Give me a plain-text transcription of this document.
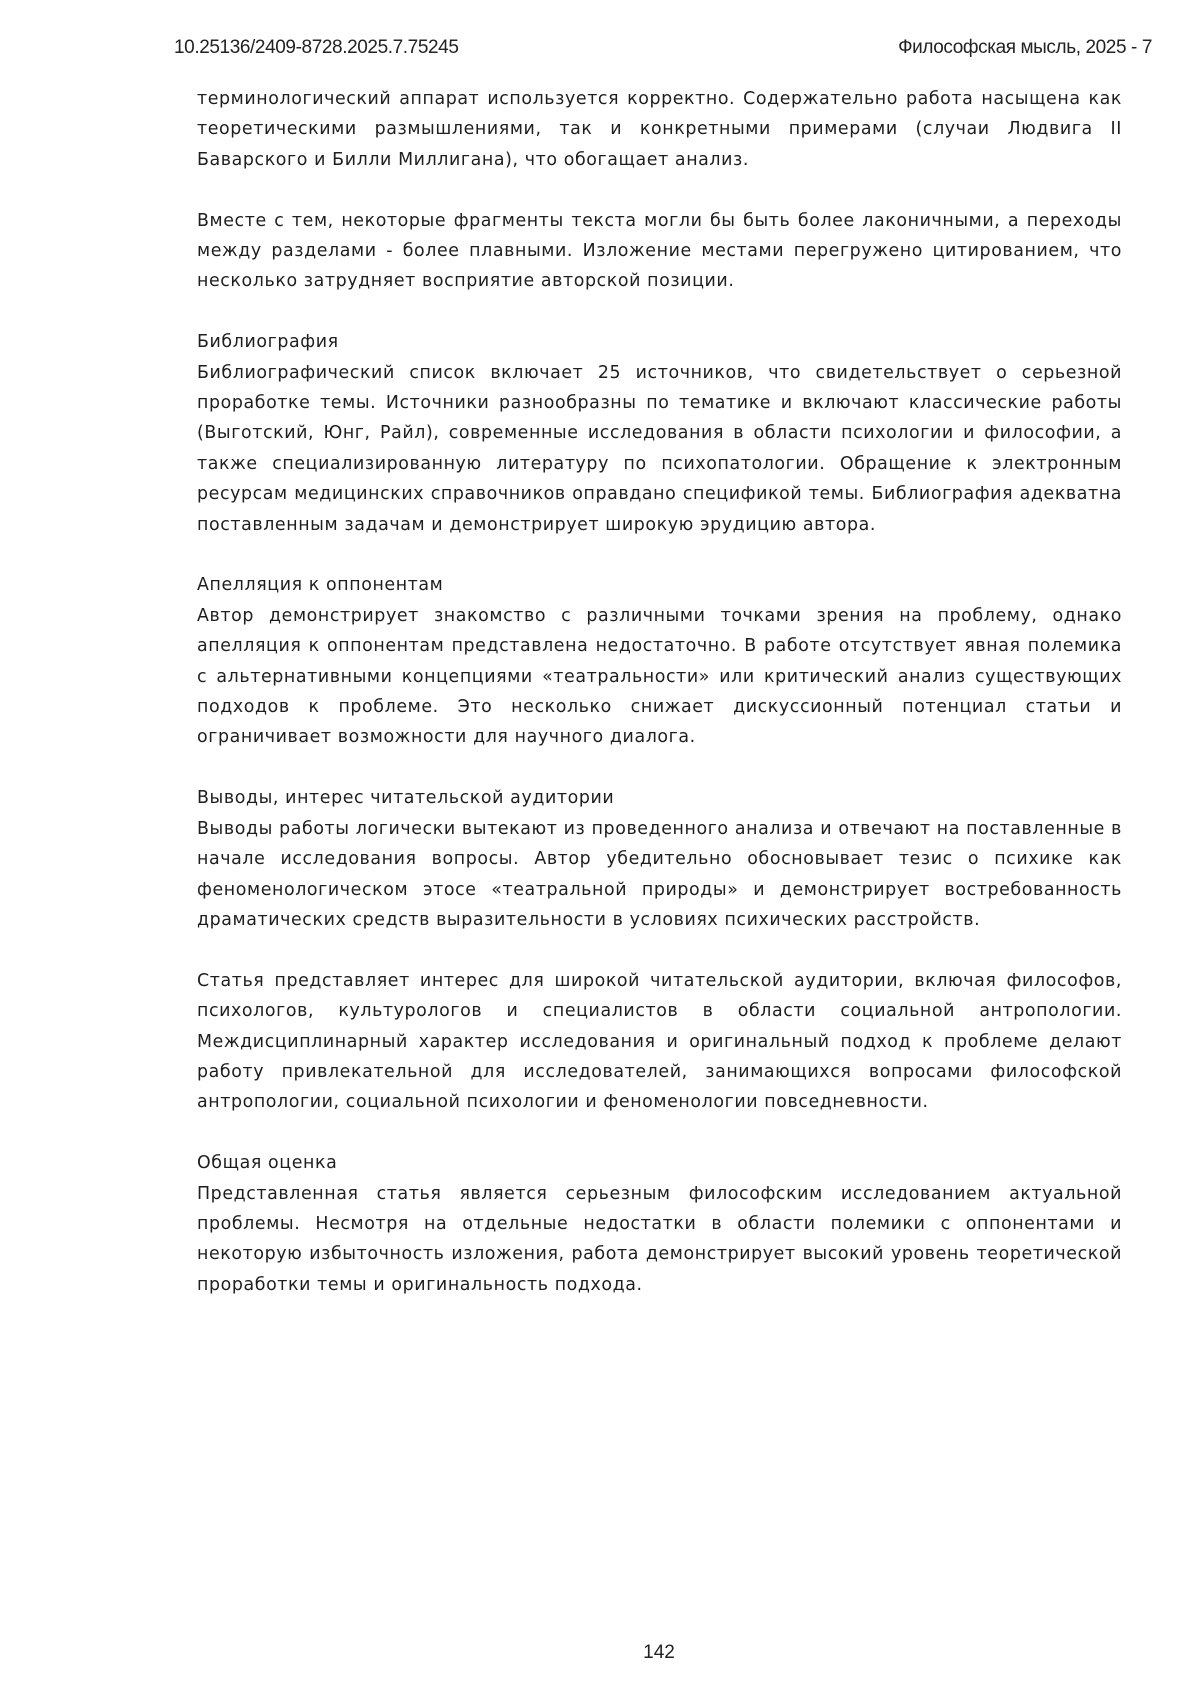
10.25136/2409-8728.2025.7.75245	Философская мысль, 2025 - 7

терминологический аппарат используется корректно. Содержательно работа насыщена как теоретическими размышлениями, так и конкретными примерами (случаи Людвига II Баварского и Билли Миллигана), что обогащает анализ.

Вместе с тем, некоторые фрагменты текста могли бы быть более лаконичными, а переходы между разделами - более плавными. Изложение местами перегружено цитированием, что несколько затрудняет восприятие авторской позиции.

Библиография

Библиографический список включает 25 источников, что свидетельствует о серьезной проработке темы. Источники разнообразны по тематике и включают классические работы (Выготский, Юнг, Райл), современные исследования в области психологии и философии, а также специализированную литературу по психопатологии. Обращение к электронным ресурсам медицинских справочников оправдано спецификой темы. Библиография адекватна поставленным задачам и демонстрирует широкую эрудицию автора.

Апелляция к оппонентам

Автор демонстрирует знакомство с различными точками зрения на проблему, однако апелляция к оппонентам представлена недостаточно. В работе отсутствует явная полемика с альтернативными концепциями «театральности» или критический анализ существующих подходов к проблеме. Это несколько снижает дискуссионный потенциал статьи и ограничивает возможности для научного диалога.

Выводы, интерес читательской аудитории

Выводы работы логически вытекают из проведенного анализа и отвечают на поставленные в начале исследования вопросы. Автор убедительно обосновывает тезис о психике как феноменологическом этосе «театральной природы» и демонстрирует востребованность драматических средств выразительности в условиях психических расстройств.

Статья представляет интерес для широкой читательской аудитории, включая философов, психологов, культурологов и специалистов в области социальной антропологии. Междисциплинарный характер исследования и оригинальный подход к проблеме делают работу привлекательной для исследователей, занимающихся вопросами философской антропологии, социальной психологии и феноменологии повседневности.

Общая оценка

Представленная статья является серьезным философским исследованием актуальной проблемы. Несмотря на отдельные недостатки в области полемики с оппонентами и некоторую избыточность изложения, работа демонстрирует высокий уровень теоретической проработки темы и оригинальность подхода.

142
